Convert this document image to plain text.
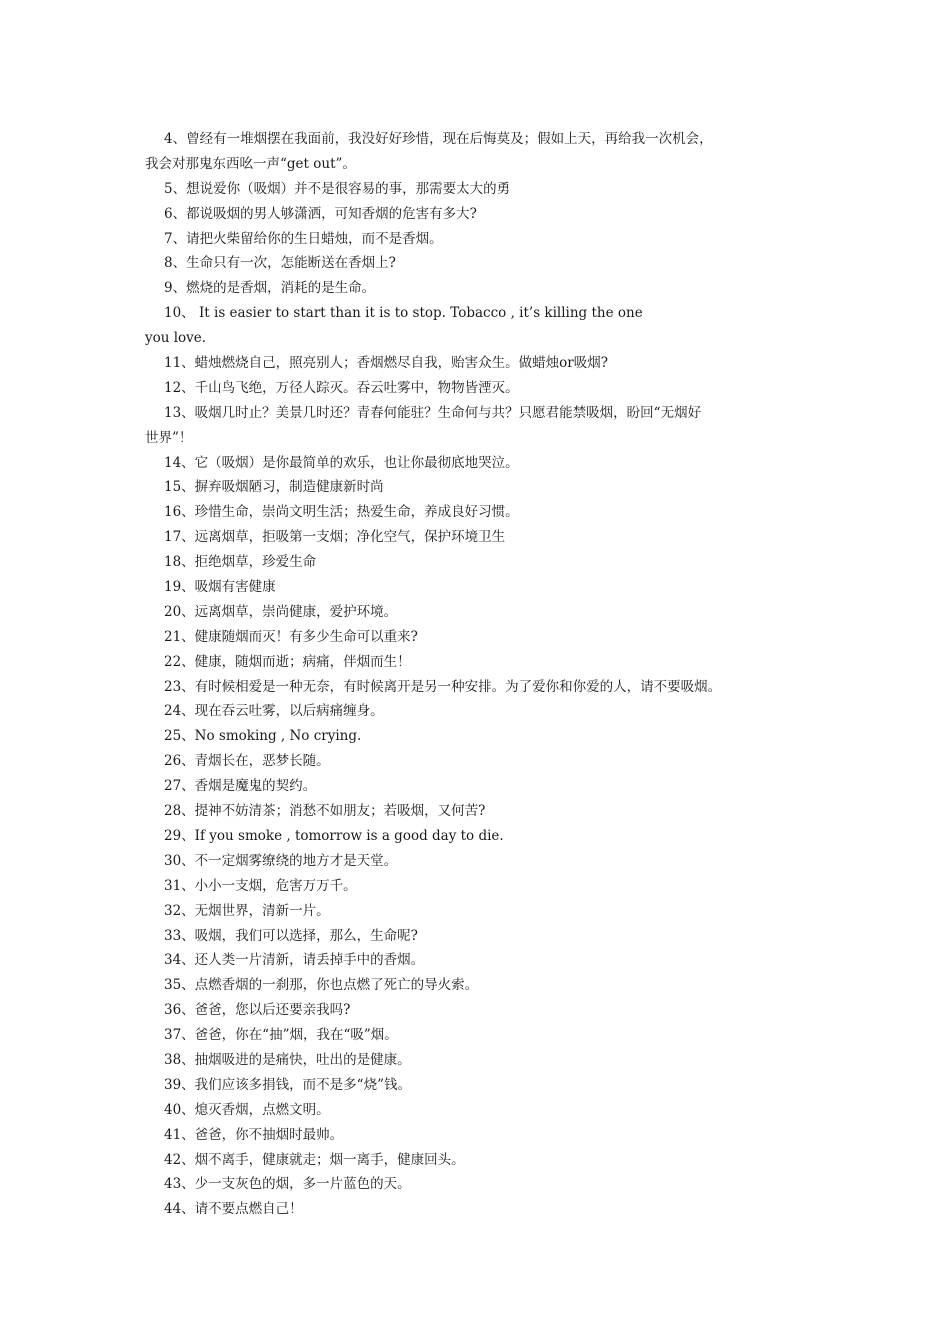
4、曾经有一堆烟摆在我面前，我没好好珍惜，现在后悔莫及；假如上天，再给我一次机会，
我会对那鬼东西吆一声“get out”。
5、想说爱你（吸烟）并不是很容易的事，那需要太大的勇
6、都说吸烟的男人够潇洒，可知香烟的危害有多大?
7、请把火柴留给你的生日蜡烛，而不是香烟。
8、生命只有一次，怎能断送在香烟上?
9、燃烧的是香烟，消耗的是生命。
10、 It is easier to start than it is to stop. Tobacco , it’s killing the one
you love.
11、蜡烛燃烧自己，照亮别人；香烟燃尽自我，贻害众生。做蜡烛or吸烟?
12、千山鸟飞绝，万径人踪灭。吞云吐雾中，物物皆湮灭。
13、吸烟几时止？美景几时还？青春何能驻？生命何与共？只愿君能禁吸烟，盼回“无烟好
世界”！
14、它（吸烟）是你最简单的欢乐，也让你最彻底地哭泣。
15、摒弃吸烟陋习，制造健康新时尚
16、珍惜生命，崇尚文明生活；热爱生命，养成良好习惯。
17、远离烟草，拒吸第一支烟；净化空气，保护环境卫生
18、拒绝烟草，珍爱生命
19、吸烟有害健康
20、远离烟草，崇尚健康，爱护环境。
21、健康随烟而灭！有多少生命可以重来?
22、健康，随烟而逝；病痛，伴烟而生！
23、有时候相爱是一种无奈，有时候离开是另一种安排。为了爱你和你爱的人，请不要吸烟。
24、现在吞云吐雾，以后病痛缠身。
25、No smoking , No crying.
26、青烟长在，恶梦长随。
27、香烟是魔鬼的契约。
28、提神不妨清茶；消愁不如朋友；若吸烟，又何苦?
29、If you smoke , tomorrow is a good day to die.
30、不一定烟雾缭绕的地方才是天堂。
31、小小一支烟，危害万万千。
32、无烟世界，清新一片。
33、吸烟，我们可以选择，那么，生命呢?
34、还人类一片清新，请丢掉手中的香烟。
35、点燃香烟的一刹那，你也点燃了死亡的导火索。
36、爸爸，您以后还要亲我吗?
37、爸爸，你在“抽”烟，我在“吸”烟。
38、抽烟吸进的是痛快，吐出的是健康。
39、我们应该多捐钱，而不是多“烧”钱。
40、熄灭香烟，点燃文明。
41、爸爸，你不抽烟时最帅。
42、烟不离手，健康就走；烟一离手，健康回头。
43、少一支灰色的烟，多一片蓝色的天。
44、请不要点燃自己！
